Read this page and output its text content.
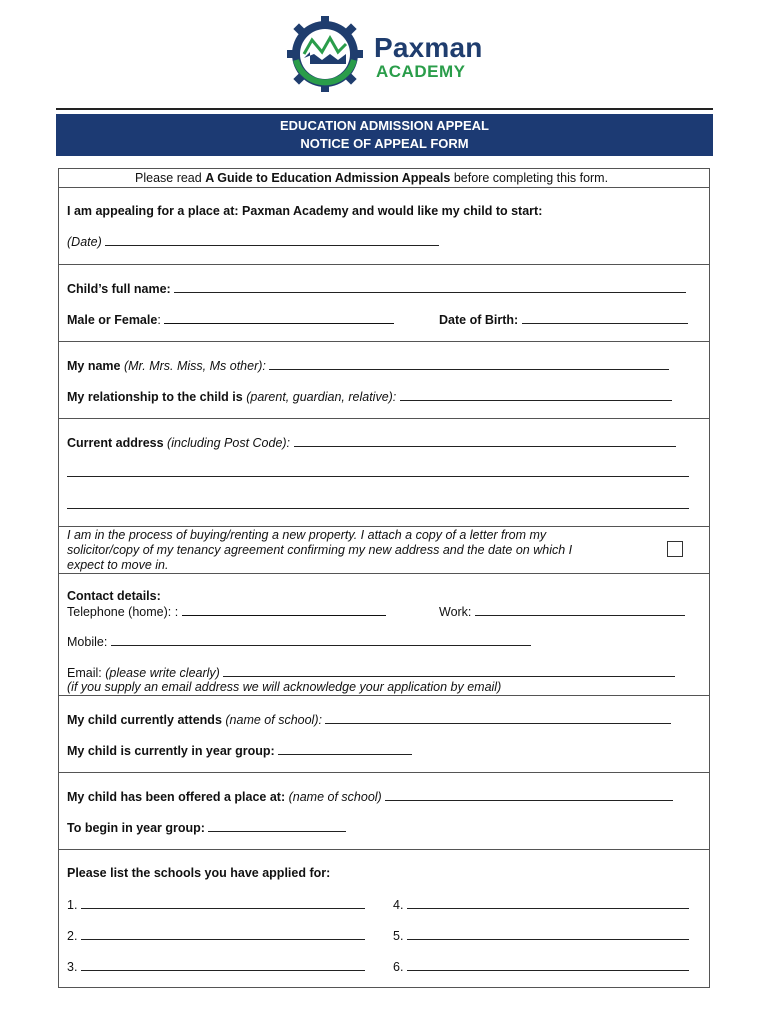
Paxman
ACADEMY
EDUCATION ADMISSION APPEAL
NOTICE OF APPEAL FORM
Please read A Guide to Education Admission Appeals before completing this form.
I am appealing for a place at: Paxman Academy and would like my child to start:
(Date)
Child’s full name:
Male or Female:	Date of Birth:
My name (Mr. Mrs. Miss, Ms other):
My relationship to the child is (parent, guardian, relative):
Current address (including Post Code):
I am in the process of buying/renting a new property. I attach a copy of a letter from my
solicitor/copy of my tenancy agreement confirming my new address and the date on which I
expect to move in.
Contact details:
Telephone (home): :	Work:
Mobile:
Email: (please write clearly)
(if you supply an email address we will acknowledge your application by email)
My child currently attends (name of school):
My child is currently in year group:
My child has been offered a place at: (name of school)
To begin in year group:
Please list the schools you have applied for:
1.
2.
3.
4.
5.
6.
